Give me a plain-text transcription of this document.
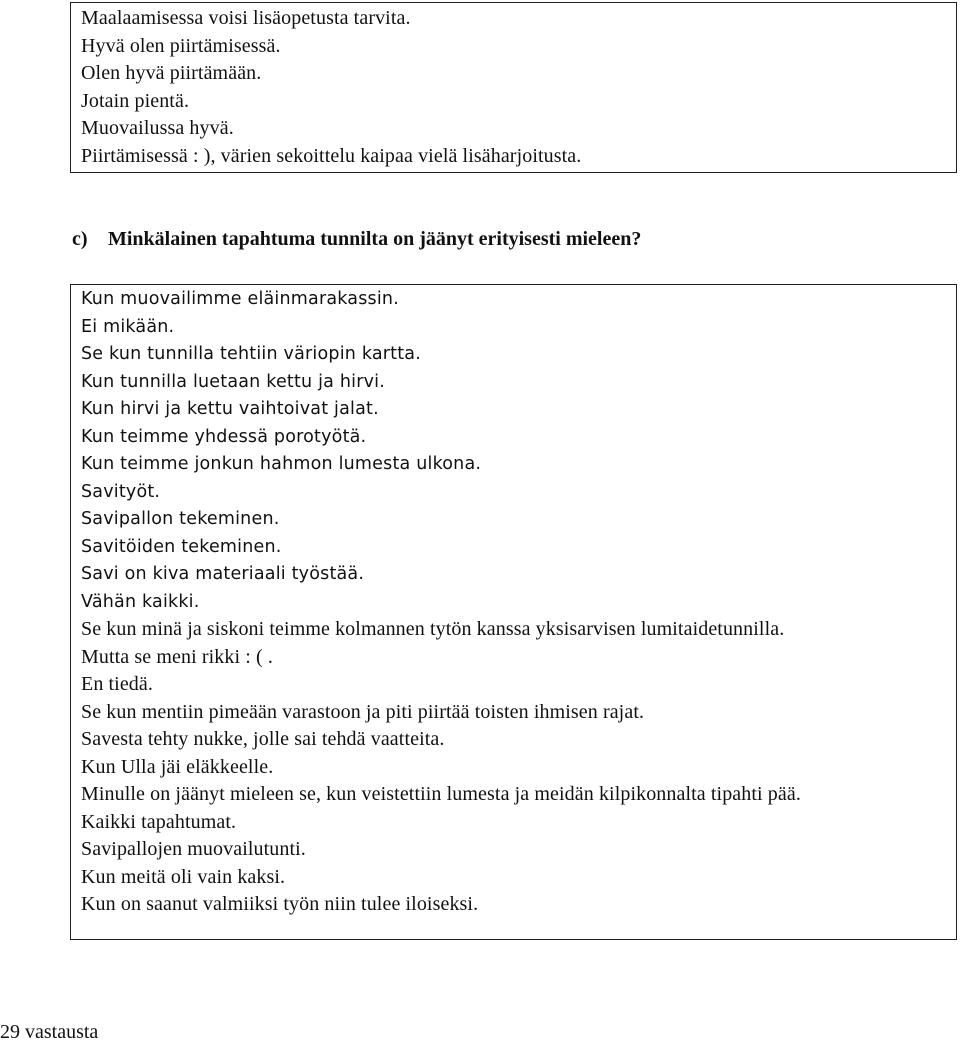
Maalaamisessa voisi lisäopetusta tarvita.
Hyvä olen piirtämisessä.
Olen hyvä piirtämään.
Jotain pientä.
Muovailussa hyvä.
Piirtämisessä : ), värien sekoittelu kaipaa vielä lisäharjoitusta.
c) Minkälainen tapahtuma tunnilta on jäänyt erityisesti mieleen?
Kun muovailimme eläinmarakassin.
Ei mikään.
Se kun tunnilla tehtiin väriopin kartta.
Kun tunnilla luetaan kettu ja hirvi.
Kun hirvi ja kettu vaihtoivat jalat.
Kun teimme yhdessä porotyötä.
Kun teimme jonkun hahmon lumesta ulkona.
Savityöt.
Savipallon tekeminen.
Savitöiden tekeminen.
Savi on kiva materiaali työstää.
Vähän kaikki.
Se kun minä ja siskoni teimme kolmannen tytön kanssa yksisarvisen lumitaidetunnilla.
Mutta se meni rikki : ( .
En tiedä.
Se kun mentiin pimeään varastoon ja piti piirtää toisten ihmisen rajat.
Savesta tehty nukke, jolle sai tehdä vaatteita.
Kun Ulla jäi eläkkeelle.
Minulle on jäänyt mieleen se, kun veistettiin lumesta ja meidän kilpikonnalta tipahti pää.
Kaikki tapahtumat.
Savipallojen muovailutunti.
Kun meitä oli vain kaksi.
Kun on saanut valmiiksi työn niin tulee iloiseksi.
29 vastausta
